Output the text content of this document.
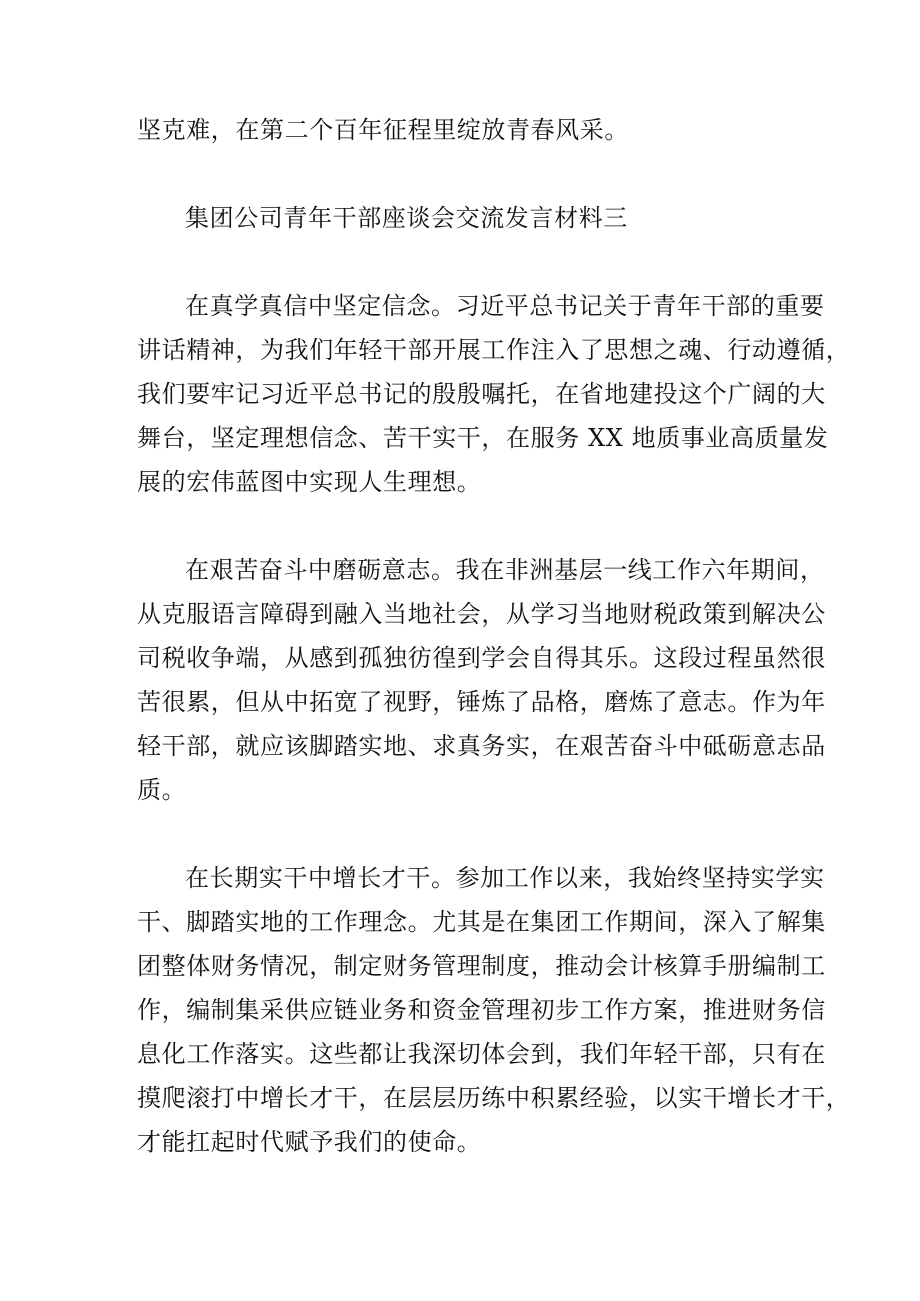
坚克难，在第二个百年征程里绽放青春风采。
集团公司青年干部座谈会交流发言材料三
在真学真信中坚定信念。习近平总书记关于青年干部的重要
讲话精神，为我们年轻干部开展工作注入了思想之魂、行动遵循，
我们要牢记习近平总书记的殷殷嘱托，在省地建投这个广阔的大
舞台，坚定理想信念、苦干实干，在服务 XX 地质事业高质量发
展的宏伟蓝图中实现人生理想。
在艰苦奋斗中磨砺意志。我在非洲基层一线工作六年期间，
从克服语言障碍到融入当地社会，从学习当地财税政策到解决公
司税收争端，从感到孤独彷徨到学会自得其乐。这段过程虽然很
苦很累，但从中拓宽了视野，锤炼了品格，磨炼了意志。作为年
轻干部，就应该脚踏实地、求真务实，在艰苦奋斗中砥砺意志品
质。
在长期实干中增长才干。参加工作以来，我始终坚持实学实
干、脚踏实地的工作理念。尤其是在集团工作期间，深入了解集
团整体财务情况，制定财务管理制度，推动会计核算手册编制工
作，编制集采供应链业务和资金管理初步工作方案，推进财务信
息化工作落实。这些都让我深切体会到，我们年轻干部，只有在
摸爬滚打中增长才干，在层层历练中积累经验，以实干增长才干，
才能扛起时代赋予我们的使命。
